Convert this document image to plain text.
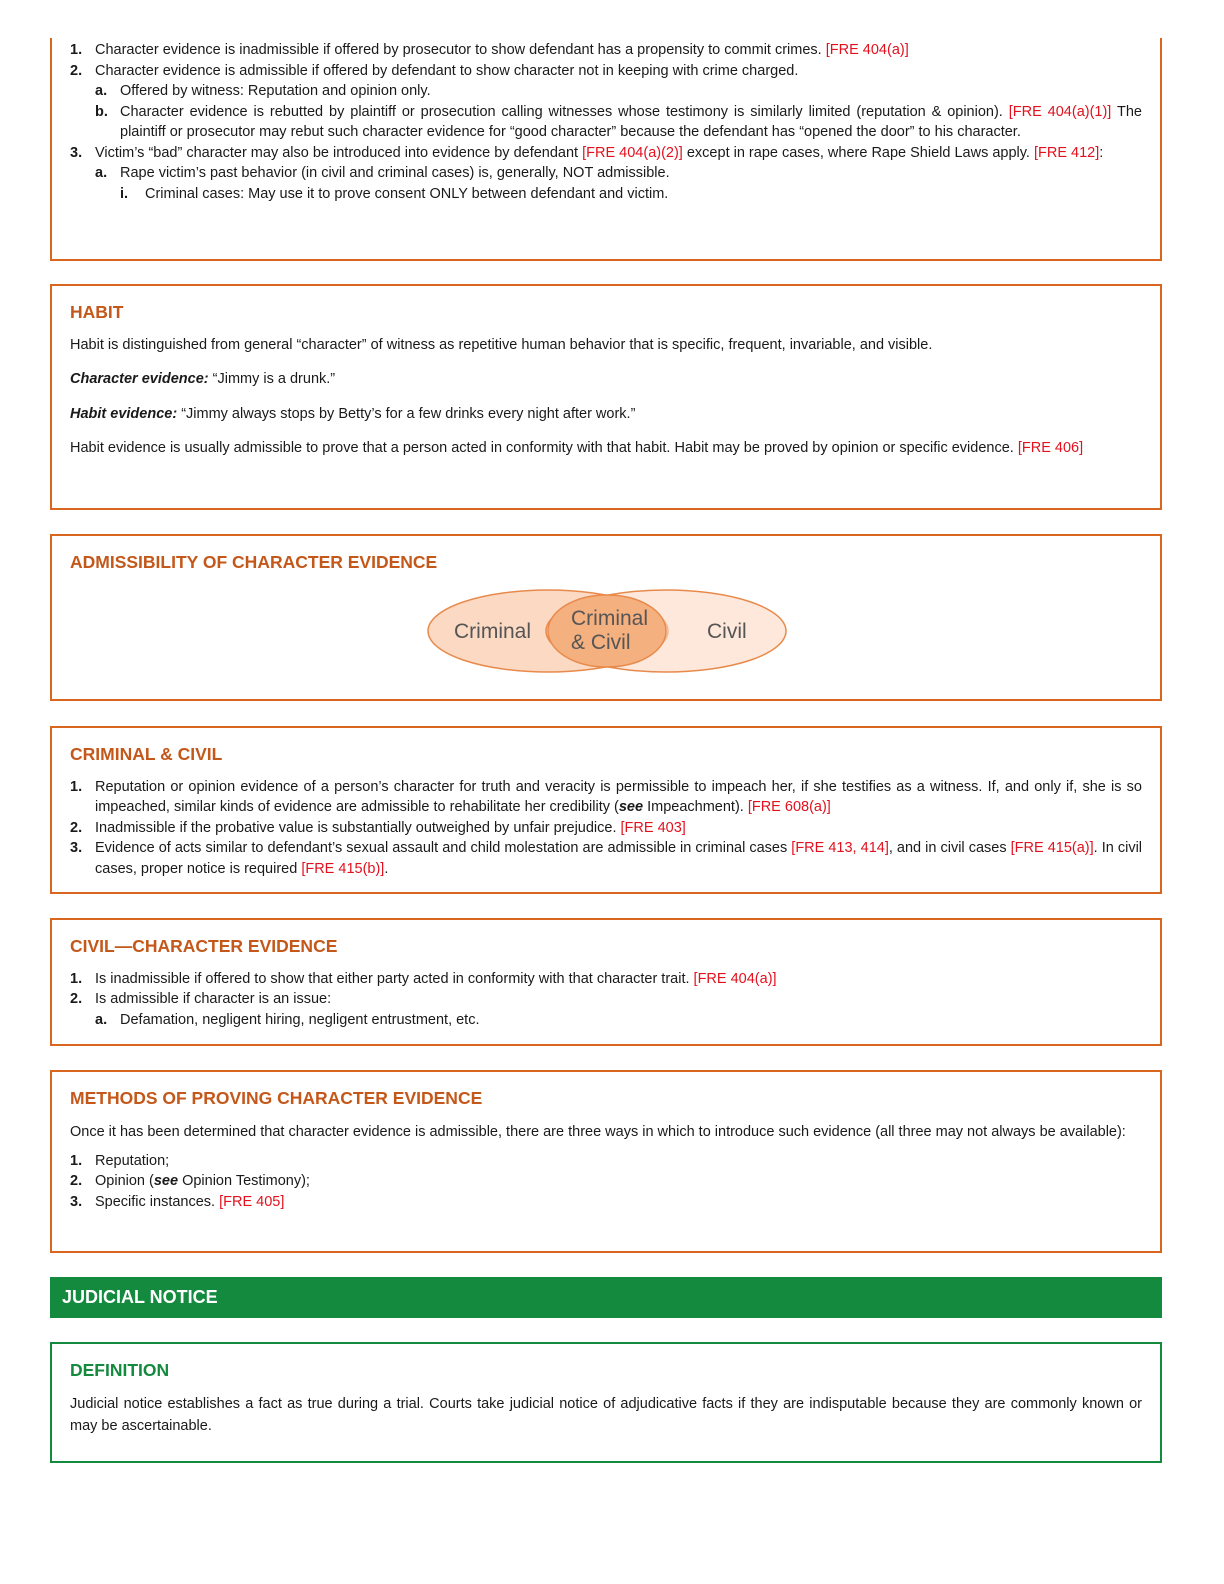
1. Character evidence is inadmissible if offered by prosecutor to show defendant has a propensity to commit crimes. [FRE 404(a)]
2. Character evidence is admissible if offered by defendant to show character not in keeping with crime charged.
a. Offered by witness: Reputation and opinion only.
b. Character evidence is rebutted by plaintiff or prosecution calling witnesses whose testimony is similarly limited (reputation & opinion). [FRE 404(a)(1)] The plaintiff or prosecutor may rebut such character evidence for “good character” because the defendant has “opened the door” to his character.
3. Victim’s “bad” character may also be introduced into evidence by defendant [FRE 404(a)(2)] except in rape cases, where Rape Shield Laws apply. [FRE 412]:
a. Rape victim’s past behavior (in civil and criminal cases) is, generally, NOT admissible.
i. Criminal cases: May use it to prove consent ONLY between defendant and victim.
HABIT

Habit is distinguished from general “character” of witness as repetitive human behavior that is specific, frequent, invariable, and visible.

Character evidence: “Jimmy is a drunk.”

Habit evidence: “Jimmy always stops by Betty’s for a few drinks every night after work.”

Habit evidence is usually admissible to prove that a person acted in conformity with that habit. Habit may be proved by opinion or specific evidence. [FRE 406]

ADMISSIBILITY OF CHARACTER EVIDENCE
Criminal
Criminal
& Civil	Civil
CRIMINAL & CIVIL
1. Reputation or opinion evidence of a person’s character for truth and veracity is permissible to impeach her, if she testifies as a witness. If, and only if, she is so impeached, similar kinds of evidence are admissible to rehabilitate her credibility (see Impeachment). [FRE 608(a)]
2. Inadmissible if the probative value is substantially outweighed by unfair prejudice. [FRE 403]
3. Evidence of acts similar to defendant’s sexual assault and child molestation are admissible in criminal cases [FRE 413, 414], and in civil cases [FRE 415(a)]. In civil cases, proper notice is required [FRE 415(b)].
CIVIL—CHARACTER EVIDENCE
1. Is inadmissible if offered to show that either party acted in conformity with that character trait. [FRE 404(a)]
2. Is admissible if character is an issue:
a. Defamation, negligent hiring, negligent entrustment, etc.
METHODS OF PROVING CHARACTER EVIDENCE

Once it has been determined that character evidence is admissible, there are three ways in which to introduce such evidence (all three may not always be available):

1. Reputation;
2. Opinion (see Opinion Testimony);
3. Specific instances. [FRE 405]
JUDICIAL NOTICE
DEFINITION

Judicial notice establishes a fact as true during a trial. Courts take judicial notice of adjudicative facts if they are indisputable because they are commonly known or may be ascertainable.
